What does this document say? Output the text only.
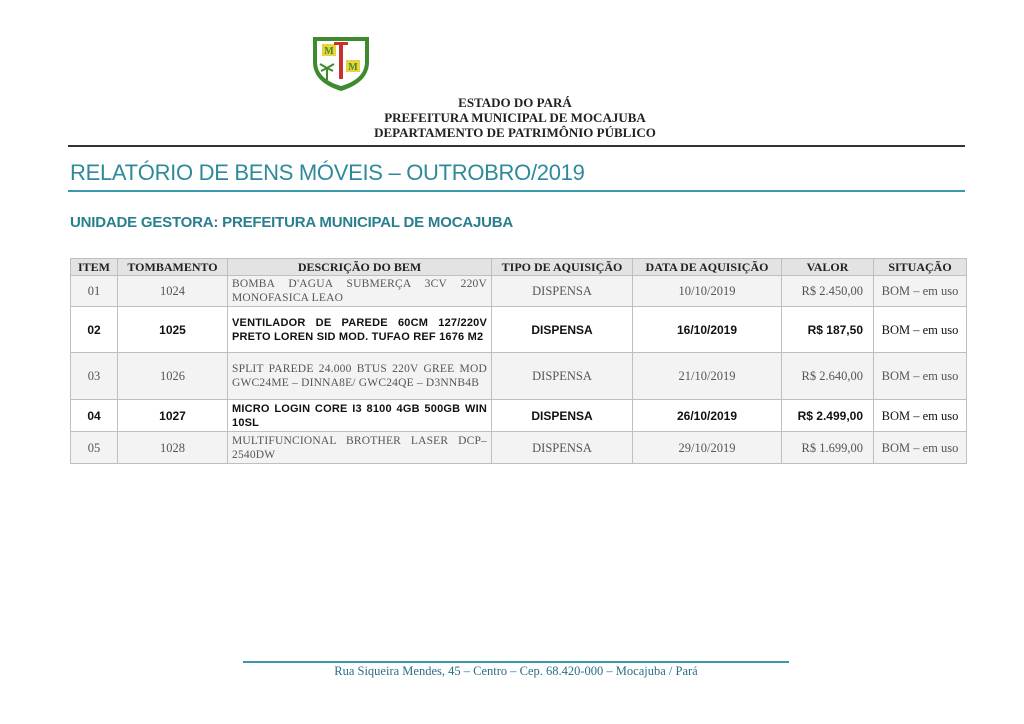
M
M
ESTADO DO PARÁ
PREFEITURA MUNICIPAL DE MOCAJUBA
DEPARTAMENTO DE PATRIMÔNIO PÚBLICO
RELATÓRIO DE BENS MÓVEIS – OUTROBRO/2019
UNIDADE GESTORA: PREFEITURA MUNICIPAL DE MOCAJUBA
ITEM	TOMBAMENTO	DESCRIÇÃO DO BEM	TIPO DE AQUISIÇÃO	DATA DE AQUISIÇÃO	VALOR	SITUAÇÃO
01	1024	BOMBA D'AGUA SUBMERÇA 3CV 220V MONOFASICA LEAO	DISPENSA	10/10/2019	R$ 2.450,00	BOM – em uso
02	1025	VENTILADOR DE PAREDE 60CM 127/220V PRETO LOREN SID MOD. TUFAO REF 1676 M2	DISPENSA	16/10/2019	R$ 187,50	BOM – em uso
03	1026	SPLIT PAREDE 24.000 BTUS 220V GREE MOD GWC24ME – DINNA8E/ GWC24QE – D3NNB4B	DISPENSA	21/10/2019	R$ 2.640,00	BOM – em uso
04	1027	MICRO LOGIN CORE I3 8100 4GB 500GB WIN 10SL	DISPENSA	26/10/2019	R$ 2.499,00	BOM – em uso
05	1028	MULTIFUNCIONAL BROTHER LASER DCP–2540DW	DISPENSA	29/10/2019	R$ 1.699,00	BOM – em uso
Rua Siqueira Mendes, 45 – Centro – Cep. 68.420-000 – Mocajuba / Pará
